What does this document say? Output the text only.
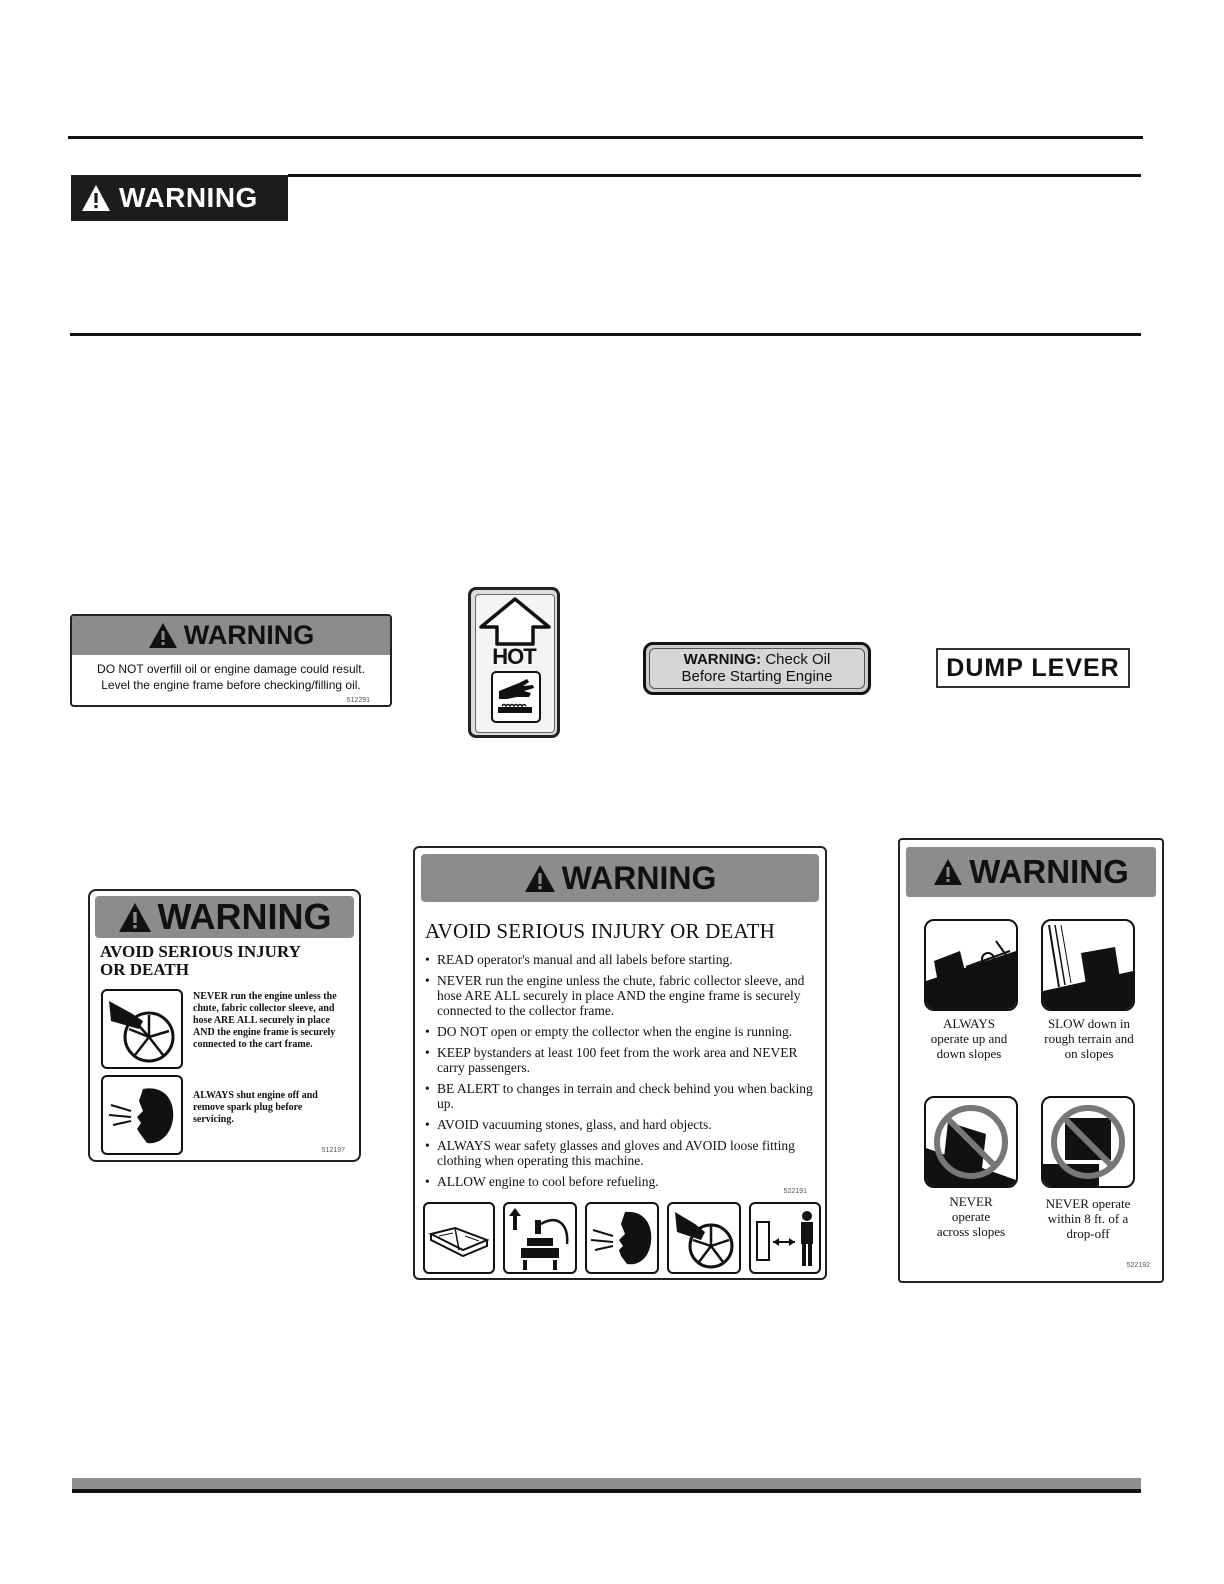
WARNING
WARNING
DO NOT overfill oil or engine damage could result.
Level the engine frame before checking/filling oil.
512291
HOT	WARNING: Check Oil
Before Starting Engine	DUMP LEVER
WARNING
AVOID SERIOUS INJURY OR DEATH
NEVER run the engine unless the chute, fabric collector sleeve, and hose ARE ALL securely in place AND the engine frame is securely connected to the cart frame.
ALWAYS shut engine off and remove spark plug before servicing.
512197
WARNING
AVOID SERIOUS INJURY OR DEATH
• READ operator's manual and all labels before starting.
• NEVER run the engine unless the chute, fabric collector sleeve, and hose ARE ALL securely in place AND the engine frame is securely connected to the collector frame.
• DO NOT open or empty the collector when the engine is running.
• KEEP bystanders at least 100 feet from the work area and NEVER carry passengers.
• BE ALERT to changes in terrain and check behind you when backing up.
• AVOID vacuuming stones, glass, and hard objects.
• ALWAYS wear safety glasses and gloves and AVOID loose fitting clothing when operating this machine.
• ALLOW engine to cool before refueling.
522191
WARNING
ALWAYS operate up and down slopes
SLOW down in rough terrain and on slopes
NEVER operate across slopes
NEVER operate within 8 ft. of a drop-off
522192
